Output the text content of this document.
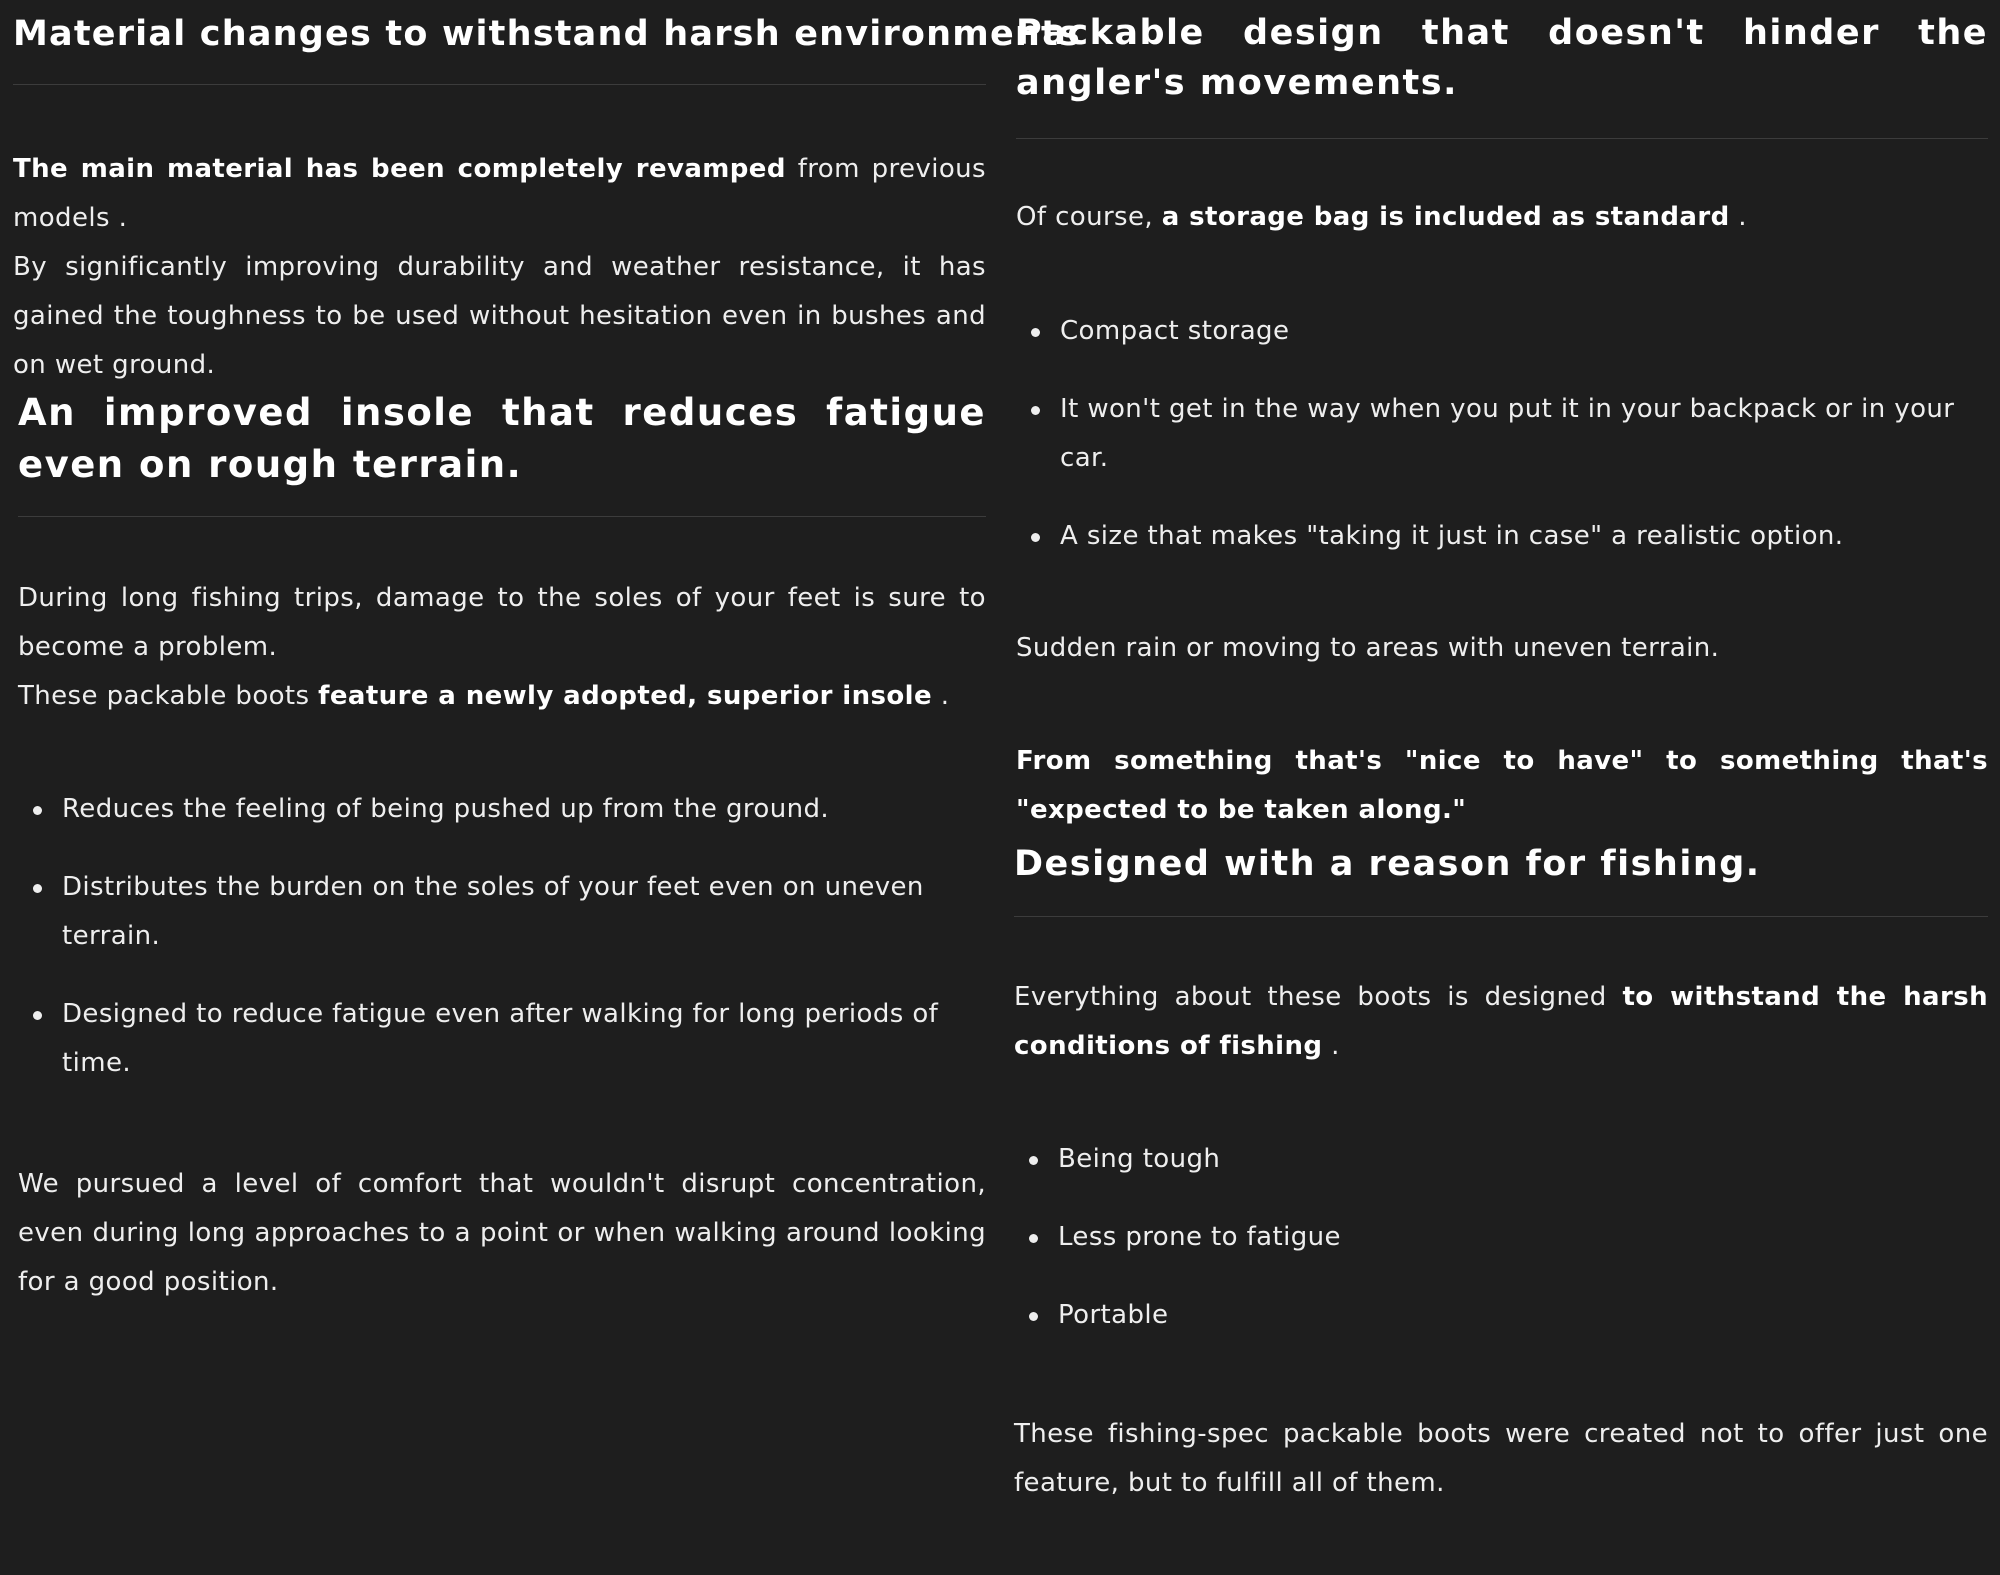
Material changes to withstand harsh environments

The main material has been completely revamped from previous models .

By significantly improving durability and weather resistance, it has gained the toughness to be used without hesitation even in bushes and on wet ground.

An improved insole that reduces fatigue even on rough terrain.

During long fishing trips, damage to the soles of your feet is sure to become a problem.

These packable boots feature a newly adopted, superior insole .

Reduces the feeling of being pushed up from the ground.
Distributes the burden on the soles of your feet even on uneven terrain.
Designed to reduce fatigue even after walking for long periods of time.

We pursued a level of comfort that wouldn't disrupt concentration, even during long approaches to a point or when walking around looking for a good position.

Packable design that doesn't hinder the angler's movements.

Of course, a storage bag is included as standard .

Compact storage
It won't get in the way when you put it in your backpack or in your car.
A size that makes "taking it just in case" a realistic option.

Sudden rain or moving to areas with uneven terrain.

From something that's "nice to have" to something that's "expected to be taken along."

Designed with a reason for fishing.

Everything about these boots is designed to withstand the harsh conditions of fishing .

Being tough
Less prone to fatigue
Portable

These fishing-spec packable boots were created not to offer just one feature, but to fulfill all of them.
